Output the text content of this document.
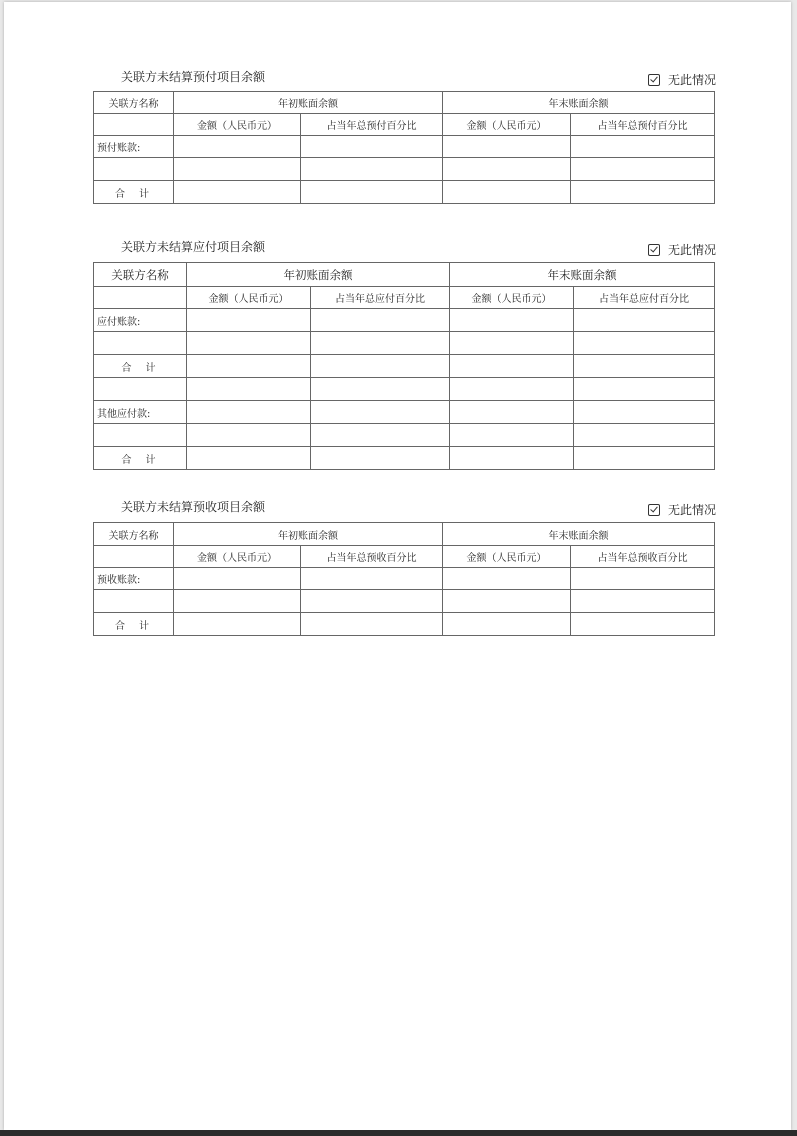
关联方未结算预付项目余额	无此情况
关联方名称	年初账面余额		年末账面余额	
	金额（人民币元）	占当年总预付百分比	金额（人民币元）	占当年总预付百分比
预付账款:				

合计				
关联方未结算应付项目余额	无此情况
关联方名称	年初账面余额		年末账面余额	
	金额（人民币元）	占当年总应付百分比	金额（人民币元）	占当年总应付百分比
应付账款:				

合计				

其他应付款:				

合计				
关联方未结算预收项目余额	无此情况
关联方名称	年初账面余额		年末账面余额	
	金额（人民币元）	占当年总预收百分比	金额（人民币元）	占当年总预收百分比
预收账款:				

合计				
